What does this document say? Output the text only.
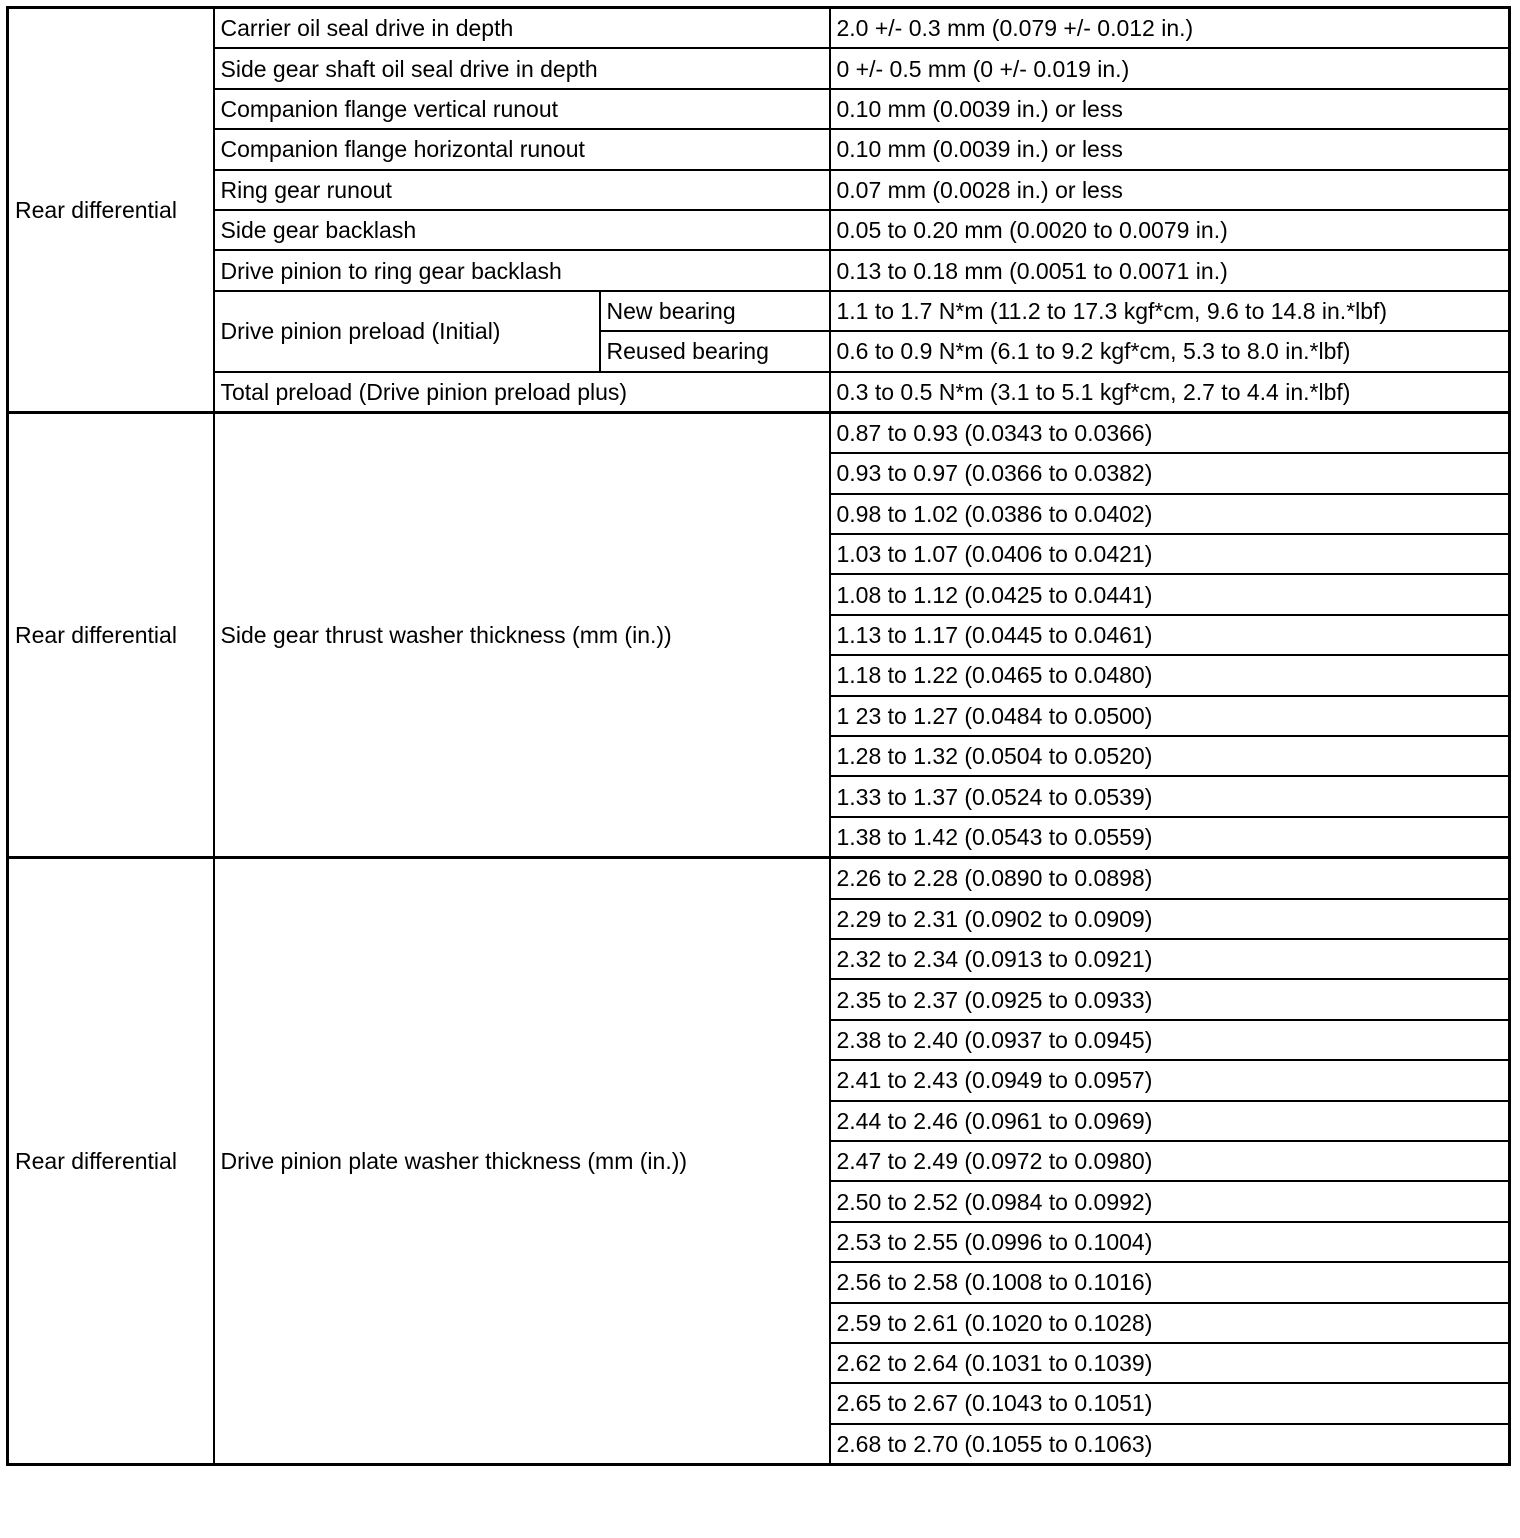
Rear differential	Carrier oil seal drive in depth		2.0 +/- 0.3 mm (0.079 +/- 0.012 in.)
	Side gear shaft oil seal drive in depth		0 +/- 0.5 mm (0 +/- 0.019 in.)
	Companion flange vertical runout		0.10 mm (0.0039 in.) or less
	Companion flange horizontal runout		0.10 mm (0.0039 in.) or less
	Ring gear runout		0.07 mm (0.0028 in.) or less
	Side gear backlash		0.05 to 0.20 mm (0.0020 to 0.0079 in.)
	Drive pinion to ring gear backlash		0.13 to 0.18 mm (0.0051 to 0.0071 in.)
	Drive pinion preload (Initial)	New bearing	1.1 to 1.7 N*m (11.2 to 17.3 kgf*cm, 9.6 to 14.8 in.*lbf)
		Reused bearing	0.6 to 0.9 N*m (6.1 to 9.2 kgf*cm, 5.3 to 8.0 in.*lbf)
	Total preload (Drive pinion preload plus)		0.3 to 0.5 N*m (3.1 to 5.1 kgf*cm, 2.7 to 4.4 in.*lbf)
Rear differential	Side gear thrust washer thickness (mm (in.))		0.87 to 0.93 (0.0343 to 0.0366)
			0.93 to 0.97 (0.0366 to 0.0382)
			0.98 to 1.02 (0.0386 to 0.0402)
			1.03 to 1.07 (0.0406 to 0.0421)
			1.08 to 1.12 (0.0425 to 0.0441)
			1.13 to 1.17 (0.0445 to 0.0461)
			1.18 to 1.22 (0.0465 to 0.0480)
			1 23 to 1.27 (0.0484 to 0.0500)
			1.28 to 1.32 (0.0504 to 0.0520)
			1.33 to 1.37 (0.0524 to 0.0539)
			1.38 to 1.42 (0.0543 to 0.0559)
Rear differential	Drive pinion plate washer thickness (mm (in.))		2.26 to 2.28 (0.0890 to 0.0898)
			2.29 to 2.31 (0.0902 to 0.0909)
			2.32 to 2.34 (0.0913 to 0.0921)
			2.35 to 2.37 (0.0925 to 0.0933)
			2.38 to 2.40 (0.0937 to 0.0945)
			2.41 to 2.43 (0.0949 to 0.0957)
			2.44 to 2.46 (0.0961 to 0.0969)
			2.47 to 2.49 (0.0972 to 0.0980)
			2.50 to 2.52 (0.0984 to 0.0992)
			2.53 to 2.55 (0.0996 to 0.1004)
			2.56 to 2.58 (0.1008 to 0.1016)
			2.59 to 2.61 (0.1020 to 0.1028)
			2.62 to 2.64 (0.1031 to 0.1039)
			2.65 to 2.67 (0.1043 to 0.1051)
			2.68 to 2.70 (0.1055 to 0.1063)
